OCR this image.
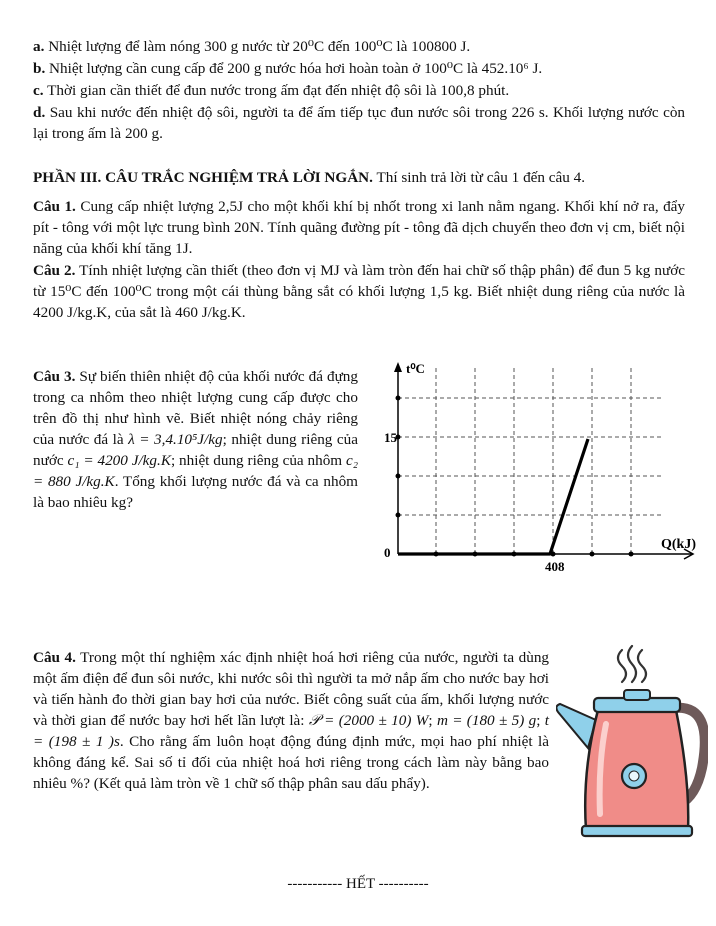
a. Nhiệt lượng để làm nóng 300 g nước từ 20⁰C đến 100⁰C là 100800 J.
b. Nhiệt lượng cần cung cấp để 200 g nước hóa hơi hoàn toàn ở 100⁰C là 452.10⁶ J.
c. Thời gian cần thiết để đun nước trong ấm đạt đến nhiệt độ sôi là 100,8 phút.
d. Sau khi nước đến nhiệt độ sôi, người ta để ấm tiếp tục đun nước sôi trong 226 s. Khối lượng nước còn lại trong ấm là 200 g.
PHẦN III. CÂU TRẮC NGHIỆM TRẢ LỜI NGẮN. Thí sinh trả lời từ câu 1 đến câu 4.
Câu 1. Cung cấp nhiệt lượng 2,5J cho một khối khí bị nhốt trong xi lanh nằm ngang. Khối khí nở ra, đẩy pít - tông với một lực trung bình 20N. Tính quãng đường pít - tông đã dịch chuyển theo đơn vị cm, biết nội năng của khối khí tăng 1J.
Câu 2. Tính nhiệt lượng cần thiết (theo đơn vị MJ và làm tròn đến hai chữ số thập phân) để đun 5 kg nước từ 15⁰C đến 100⁰C trong một cái thùng bằng sắt có khối lượng 1,5 kg. Biết nhiệt dung riêng của nước là 4200 J/kg.K, của sắt là 460 J/kg.K.
Câu 3. Sự biến thiên nhiệt độ của khối nước đá đựng trong ca nhôm theo nhiệt lượng cung cấp được cho trên đồ thị như hình vẽ. Biết nhiệt nóng chảy riêng của nước đá là λ = 3,4.10⁵J/kg; nhiệt dung riêng của nước c₁ = 4200 J/kg.K; nhiệt dung riêng của nhôm c₂ = 880 J/kg.K. Tổng khối lượng nước đá và ca nhôm là bao nhiêu kg?
t⁰C
Q(kJ)
15
0
408
Câu 4. Trong một thí nghiệm xác định nhiệt hoá hơi riêng của nước, người ta dùng một ấm điện để đun sôi nước, khi nước sôi thì người ta mở nắp ấm cho nước bay hơi và tiến hành đo thời gian bay hơi của nước. Biết công suất của ấm, khối lượng nước và thời gian để nước bay hơi hết lần lượt là: 𝒫 = (2000 ± 10) W; m = (180 ± 5) g; t = (198 ± 1 )s. Cho rằng ấm luôn hoạt động đúng định mức, mọi hao phí nhiệt là không đáng kể. Sai số tỉ đối của nhiệt hoá hơi riêng trong cách làm này bằng bao nhiêu %? (Kết quả làm tròn về 1 chữ số thập phân sau dấu phẩy).
----------- HẾT ----------
